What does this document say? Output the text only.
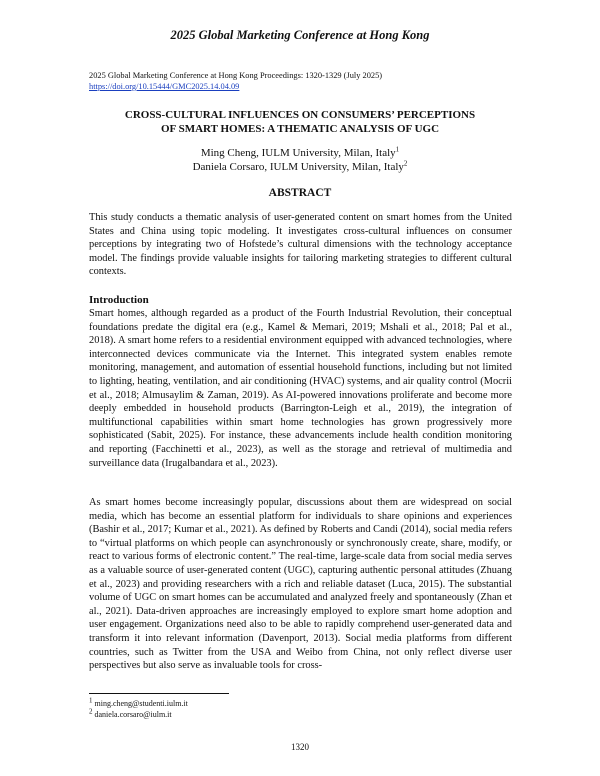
2025 Global Marketing Conference at Hong Kong
2025 Global Marketing Conference at Hong Kong Proceedings: 1320-1329 (July 2025)
https://doi.org/10.15444/GMC2025.14.04.09
CROSS-CULTURAL INFLUENCES ON CONSUMERS’ PERCEPTIONS
OF SMART HOMES: A THEMATIC ANALYSIS OF UGC
Ming Cheng, IULM University, Milan, Italy$^1$
Daniela Corsaro, IULM University, Milan, Italy$^2$
ABSTRACT
This study conducts a thematic analysis of user-generated content on smart homes from the United States and China using topic modeling. It investigates cross-cultural influences on consumer perceptions by integrating two of Hofstede’s cultural dimensions with the technology acceptance model. The findings provide valuable insights for tailoring marketing strategies to different cultural contexts.
Introduction
Smart homes, although regarded as a product of the Fourth Industrial Revolution, their conceptual foundations predate the digital era (e.g., Kamel & Memari, 2019; Mshali et al., 2018; Pal et al., 2018). A smart home refers to a residential environment equipped with advanced technologies, where interconnected devices communicate via the Internet. This integrated system enables remote monitoring, management, and automation of essential household functions, including but not limited to lighting, heating, ventilation, and air conditioning (HVAC) systems, and air quality control (Mocrii et al., 2018; Almusaylim & Zaman, 2019). As AI-powered innovations proliferate and become more deeply embedded in household products (Barrington-Leigh et al., 2019), the integration of multifunctional capabilities within smart home technologies has grown progressively more sophisticated (Sabit, 2025). For instance, these advancements include health condition monitoring and reporting (Facchinetti et al., 2023), as well as the storage and retrieval of multimedia and surveillance data (Irugalbandara et al., 2023).
As smart homes become increasingly popular, discussions about them are widespread on social media, which has become an essential platform for individuals to share opinions and experiences (Bashir et al., 2017; Kumar et al., 2021). As defined by Roberts and Candi (2014), social media refers to “virtual platforms on which people can asynchronously or synchronously create, share, modify, or react to various forms of electronic content.” The real-time, large-scale data from social media serves as a valuable source of user-generated content (UGC), capturing authentic personal attitudes (Zhuang et al., 2023) and providing researchers with a rich and reliable dataset (Luca, 2015). The substantial volume of UGC on smart homes can be accumulated and analyzed freely and spontaneously (Zhan et al., 2021). Data-driven approaches are increasingly employed to explore smart home adoption and user engagement. Organizations need also to be able to rapidly comprehend user-generated data and transform it into relevant information (Davenport, 2013). Social media platforms from different countries, such as Twitter from the USA and Weibo from China, not only reflect diverse user perspectives but also serve as invaluable tools for cross-
$^1$ ming.cheng@studenti.iulm.it
$^2$ daniela.corsaro@iulm.it
1320
